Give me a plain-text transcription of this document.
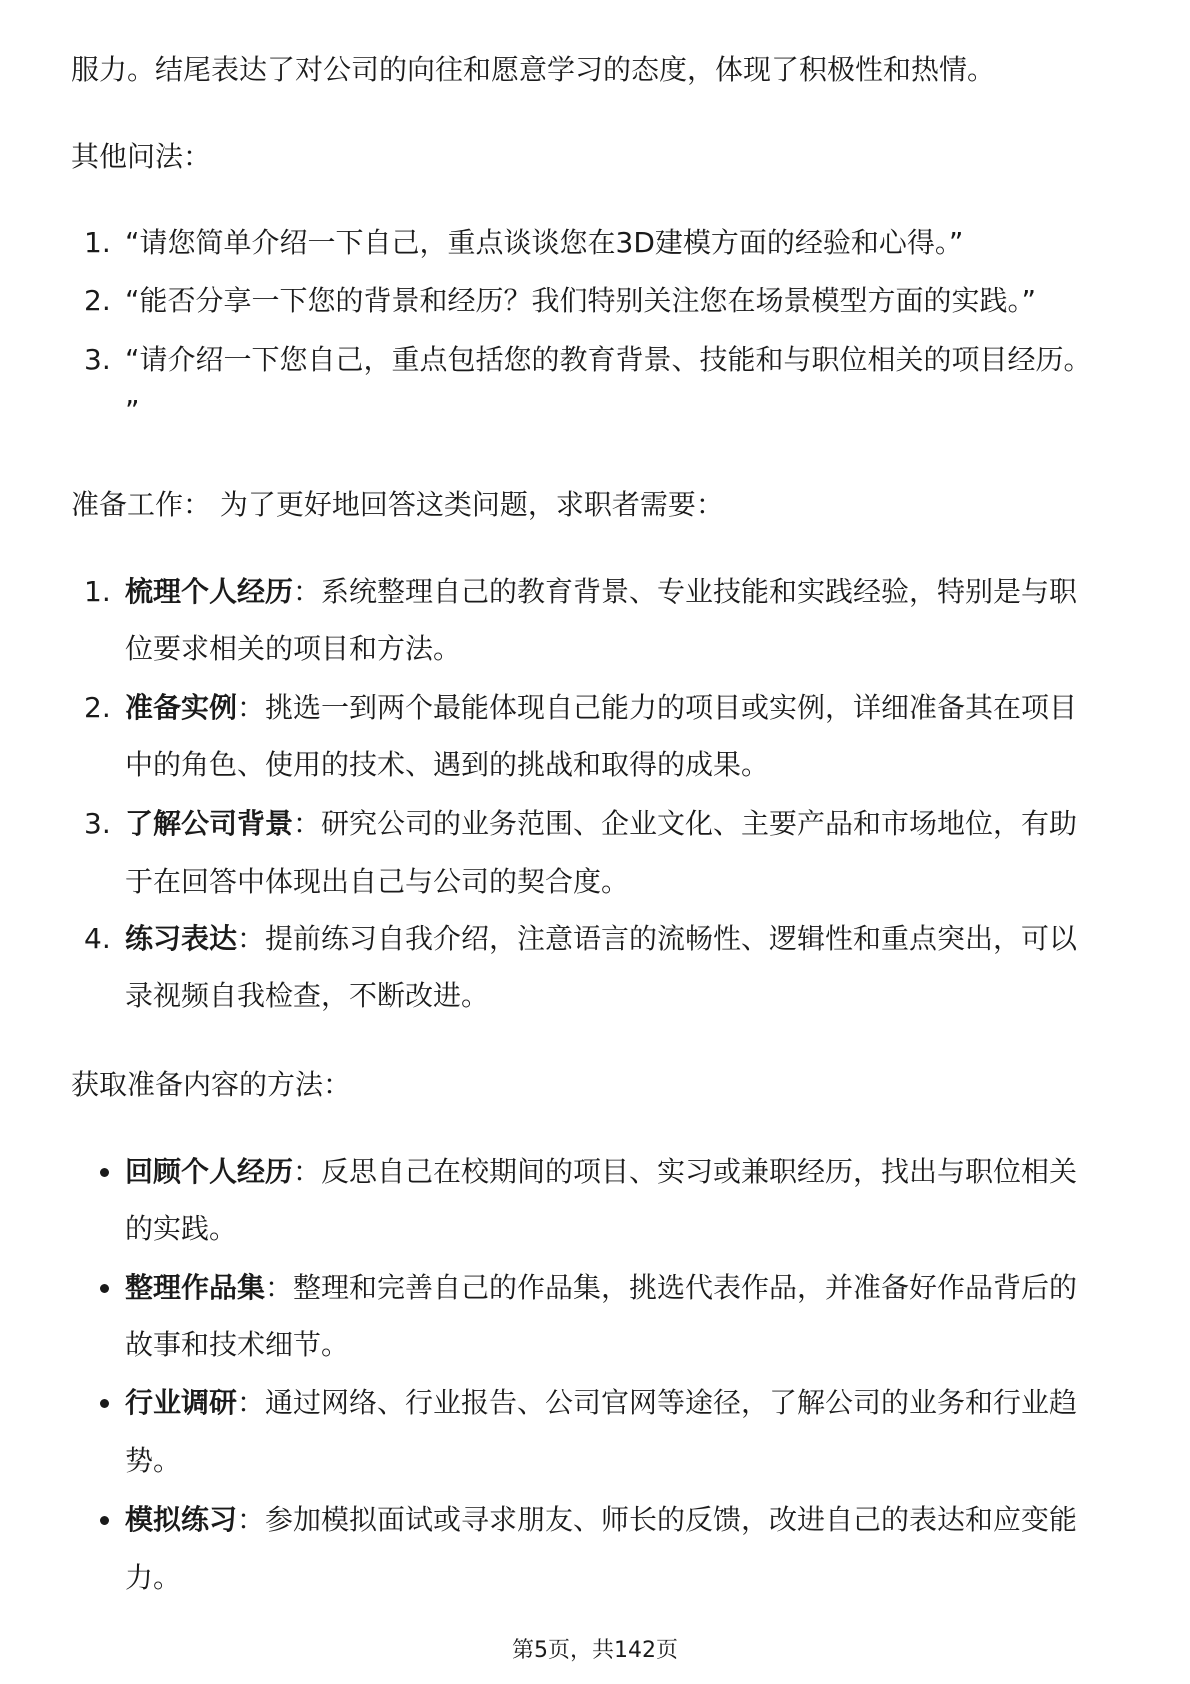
服力。结尾表达了对公司的向往和愿意学习的态度，体现了积极性和热情。
其他问法：
1. “请您简单介绍一下自己，重点谈谈您在3D建模方面的经验和心得。”
2. “能否分享一下您的背景和经历？我们特别关注您在场景模型方面的实践。”
3. “请介绍一下您自己，重点包括您的教育背景、技能和与职位相关的项目经历。
”
准备工作： 为了更好地回答这类问题，求职者需要：
1. 梳理个人经历：系统整理自己的教育背景、专业技能和实践经验，特别是与职
位要求相关的项目和方法。
2. 准备实例：挑选一到两个最能体现自己能力的项目或实例，详细准备其在项目
中的角色、使用的技术、遇到的挑战和取得的成果。
3. 了解公司背景：研究公司的业务范围、企业文化、主要产品和市场地位，有助
于在回答中体现出自己与公司的契合度。
4. 练习表达：提前练习自我介绍，注意语言的流畅性、逻辑性和重点突出，可以
录视频自我检查，不断改进。
获取准备内容的方法：
回顾个人经历：反思自己在校期间的项目、实习或兼职经历，找出与职位相关
的实践。
整理作品集：整理和完善自己的作品集，挑选代表作品，并准备好作品背后的
故事和技术细节。
行业调研：通过网络、行业报告、公司官网等途径，了解公司的业务和行业趋
势。
模拟练习：参加模拟面试或寻求朋友、师长的反馈，改进自己的表达和应变能
力。
第5页，共142页
